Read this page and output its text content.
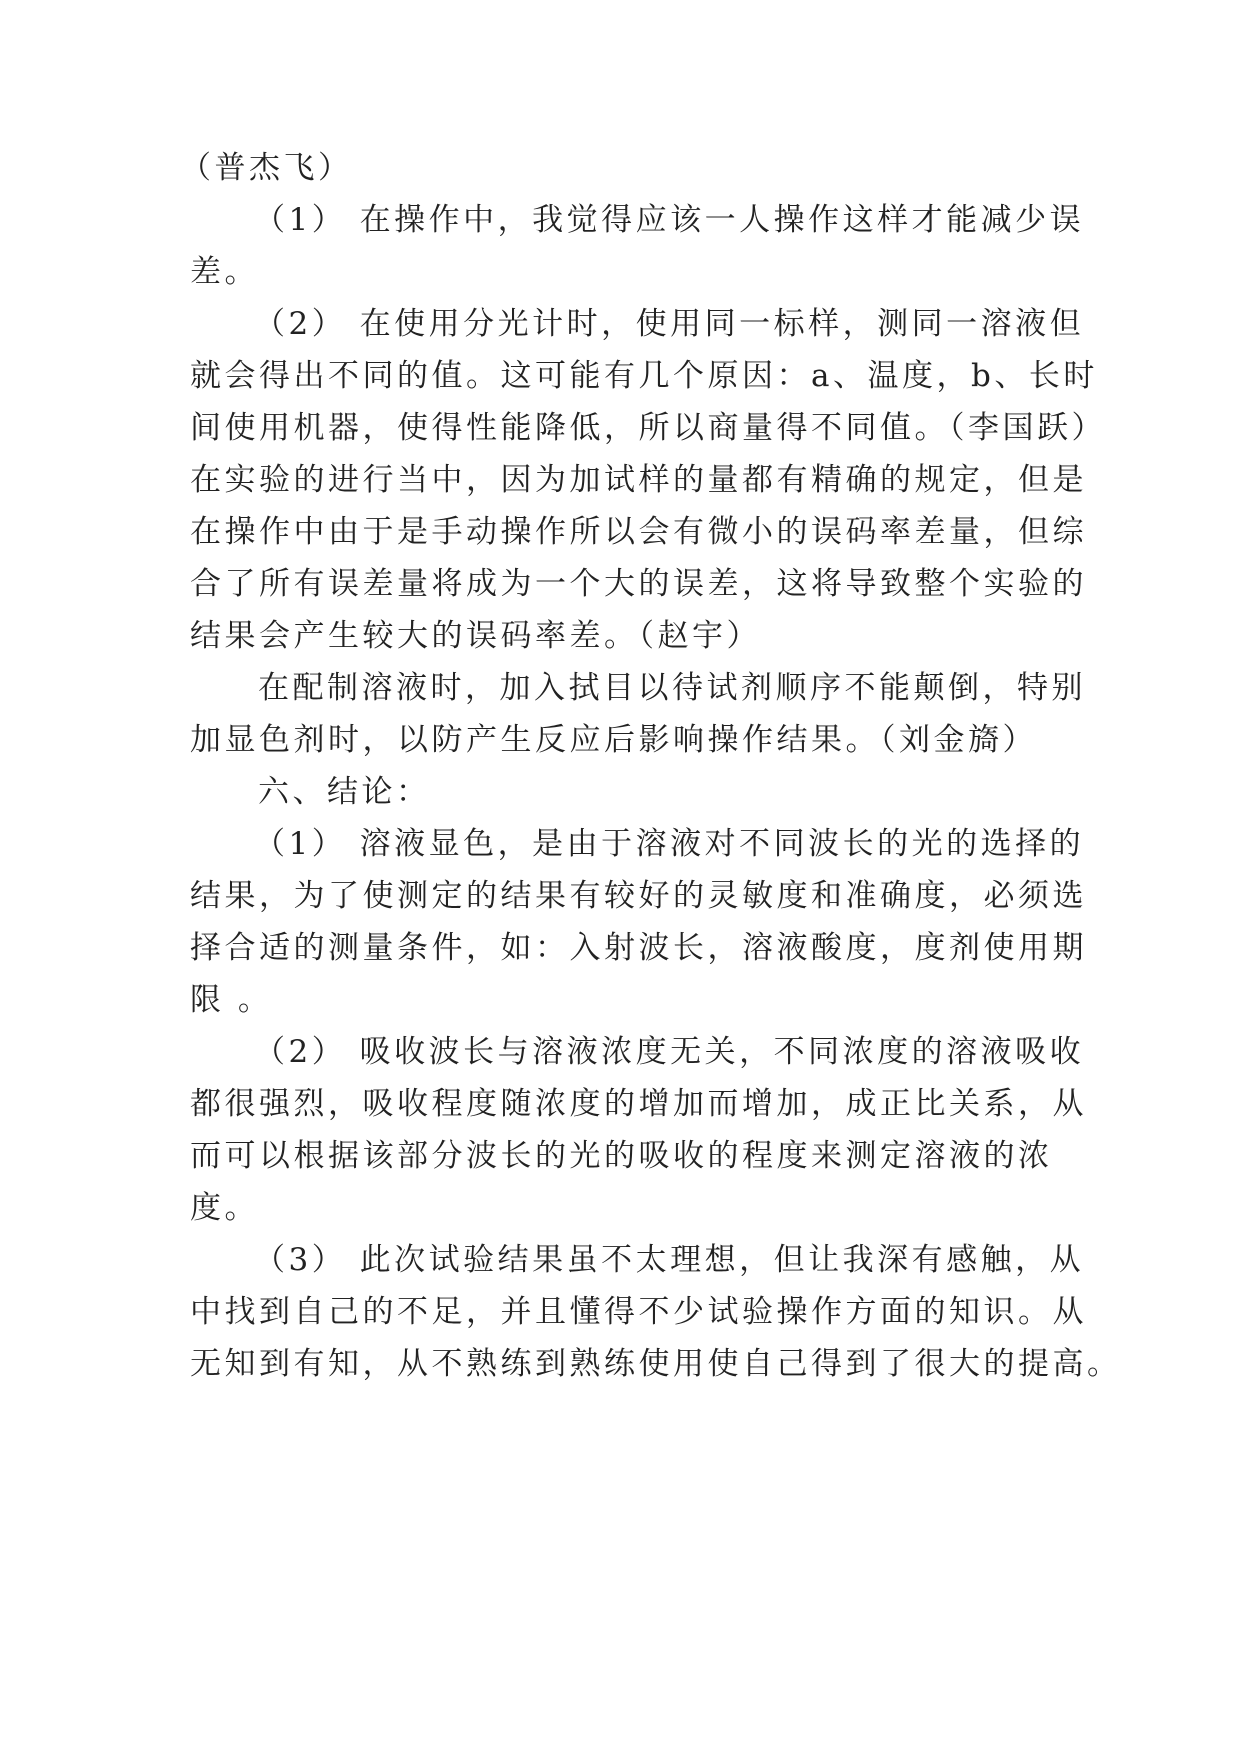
（普杰飞）

（1） 在操作中，我觉得应该一人操作这样才能减少误

差。

（2） 在使用分光计时，使用同一标样，测同一溶液但

就会得出不同的值。这可能有几个原因：a、温度，b、长时

间使用机器，使得性能降低，所以商量得不同值。（李国跃）

在实验的进行当中，因为加试样的量都有精确的规定，但是

在操作中由于是手动操作所以会有微小的误码率差量，但综

合了所有误差量将成为一个大的误差，这将导致整个实验的

结果会产生较大的误码率差。（赵宇）

在配制溶液时，加入拭目以待试剂顺序不能颠倒，特别

加显色剂时，以防产生反应后影响操作结果。（刘金旖）

六、结论：

（1） 溶液显色，是由于溶液对不同波长的光的选择的

结果，为了使测定的结果有较好的灵敏度和准确度，必须选

择合适的测量条件，如：入射波长，溶液酸度，度剂使用期

限 。

（2） 吸收波长与溶液浓度无关，不同浓度的溶液吸收

都很强烈，吸收程度随浓度的增加而增加，成正比关系，从

而可以根据该部分波长的光的吸收的程度来测定溶液的浓

度。

（3） 此次试验结果虽不太理想，但让我深有感触，从

中找到自己的不足，并且懂得不少试验操作方面的知识。从

无知到有知，从不熟练到熟练使用使自己得到了很大的提高。
